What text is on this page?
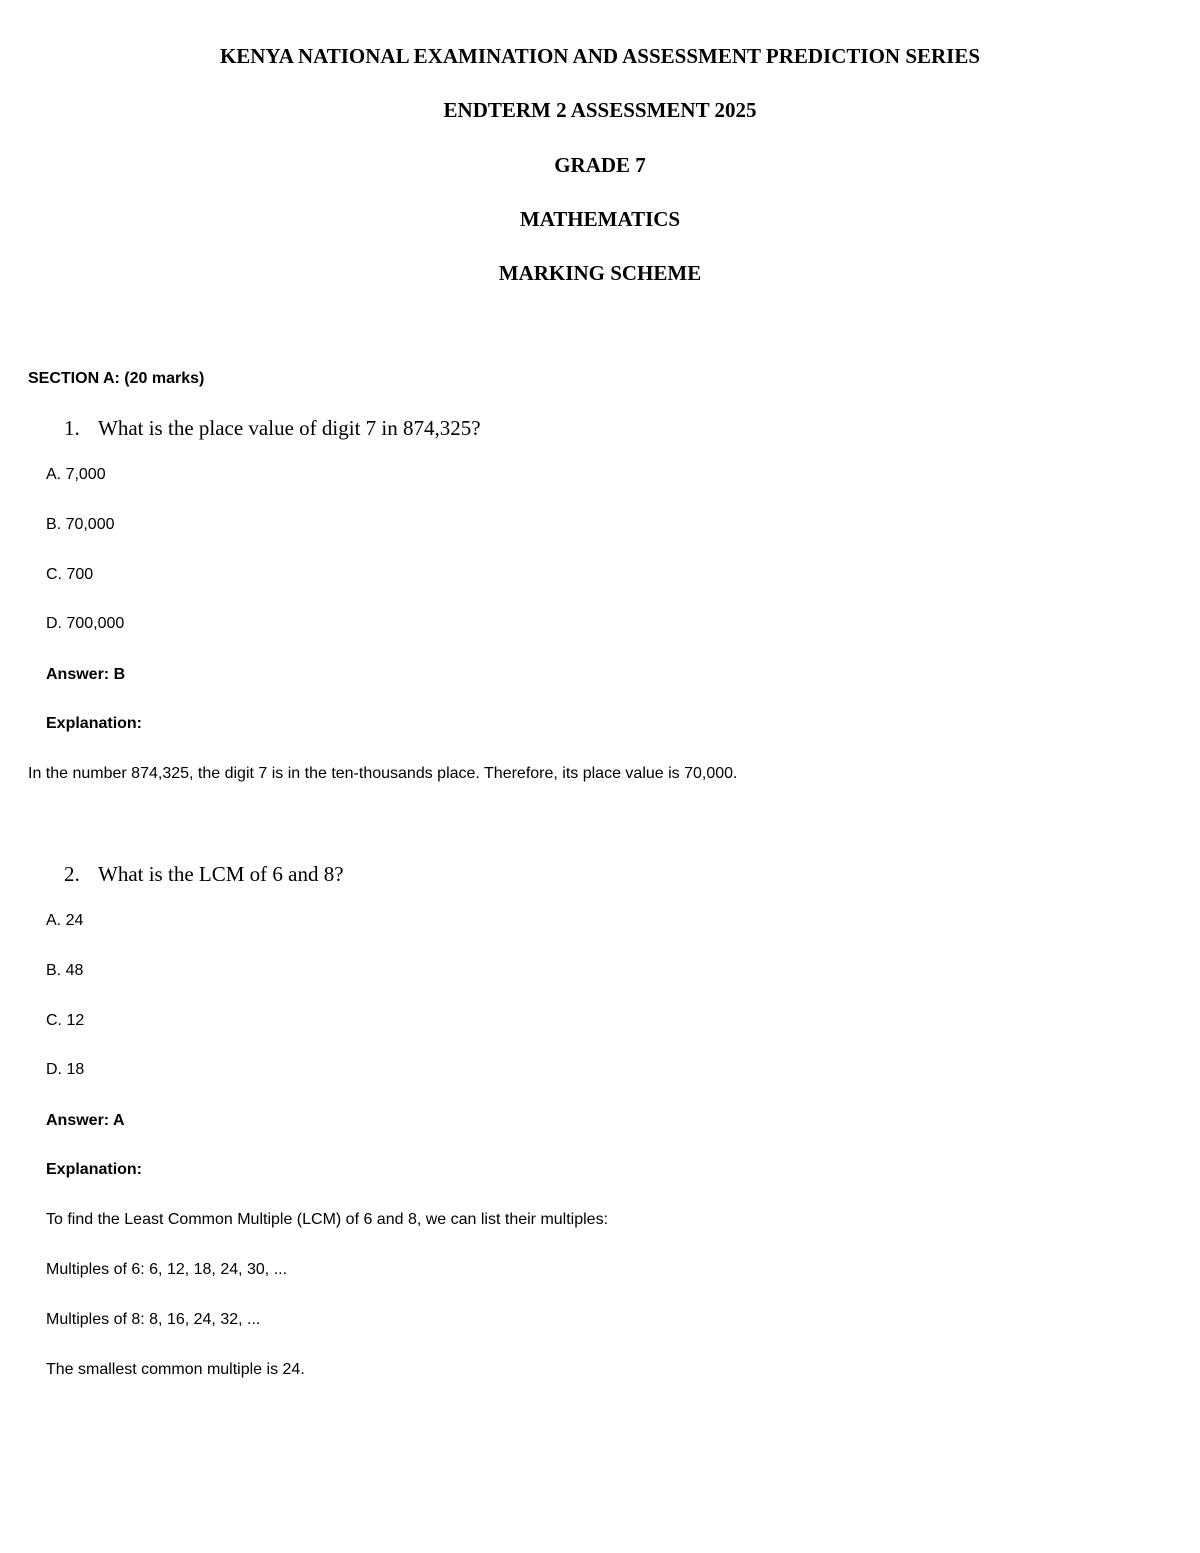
KENYA NATIONAL EXAMINATION AND ASSESSMENT PREDICTION SERIES
ENDTERM 2 ASSESSMENT 2025
GRADE 7
MATHEMATICS
MARKING SCHEME
SECTION A: (20 marks)
1. What is the place value of digit 7 in 874,325?
A. 7,000
B. 70,000
C. 700
D. 700,000
Answer: B
Explanation:
In the number 874,325, the digit 7 is in the ten-thousands place. Therefore, its place value is 70,000.
2. What is the LCM of 6 and 8?
A. 24
B. 48
C. 12
D. 18
Answer: A
Explanation:
To find the Least Common Multiple (LCM) of 6 and 8, we can list their multiples:
Multiples of 6: 6, 12, 18, 24, 30, ...
Multiples of 8: 8, 16, 24, 32, ...
The smallest common multiple is 24.
